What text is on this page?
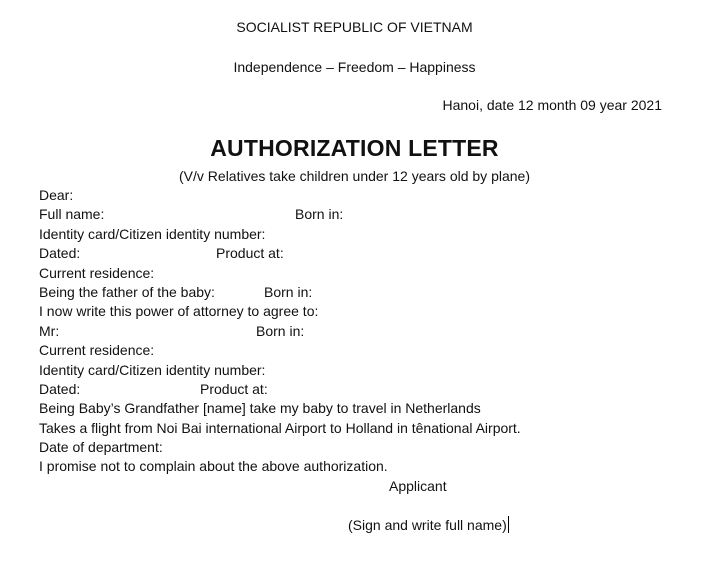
SOCIALIST REPUBLIC OF VIETNAM
Independence – Freedom – Happiness
Hanoi, date 12 month 09 year 2021
AUTHORIZATION LETTER
(V/v Relatives take children under 12 years old by plane)
Dear:
Full name:	Born in:
Identity card/Citizen identity number:
Dated:	Product at:
Current residence:
Being the father of the baby:	Born in:
I now write this power of attorney to agree to:
Mr:	Born in:
Current residence:
Identity card/Citizen identity number:
Dated:	Product at:
Being Baby’s Grandfather [name] take my baby to travel in Netherlands
Takes a flight from Noi Bai international Airport to Holland in tênational Airport.
Date of department:
I promise not to complain about the above authorization.
Applicant
(Sign and write full name)
